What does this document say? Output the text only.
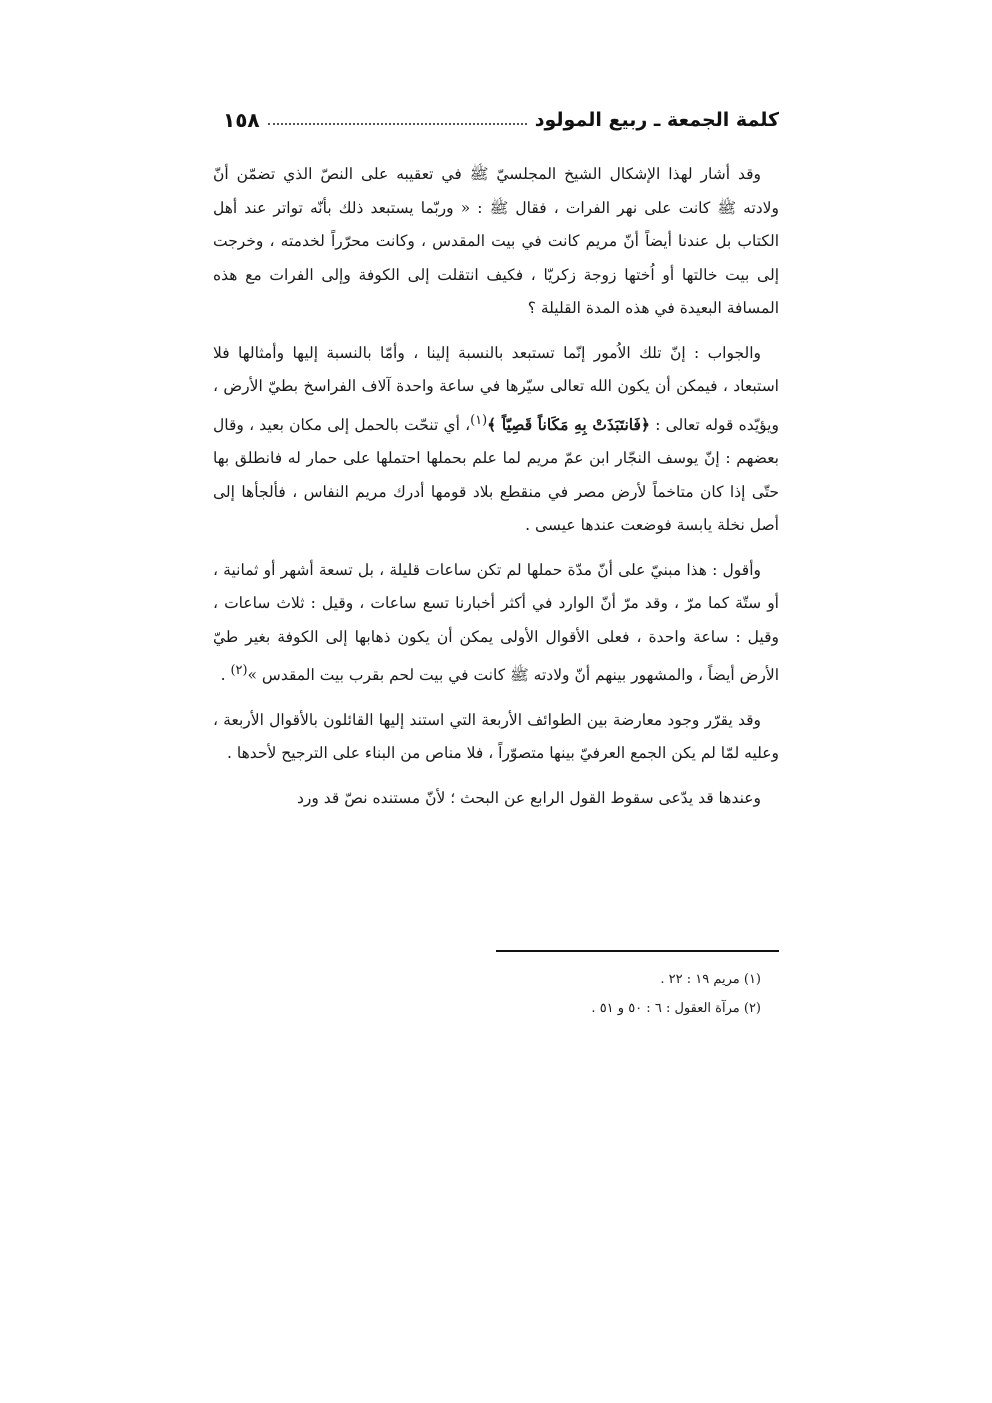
١٥٨	كلمة الجمعة ـ ربيع المولود

وقد أشار لهذا الإشكال الشيخ المجلسيّ ﷺ في تعقيبه على النصّ الذي تضمّن أنّ ولادته ﷺ كانت على نهر الفرات ، فقال ﷺ : « وربّما يستبعد ذلك بأنّه تواتر عند أهل الكتاب بل عندنا أيضاً أنّ مريم كانت في بيت المقدس ، وكانت محرّراً لخدمته ، وخرجت إلى بيت خالتها أو اُختها زوجة زكريّا ، فكيف انتقلت إلى الكوفة وإلى الفرات مع هذه المسافة البعيدة في هذه المدة القليلة ؟

والجواب : إنّ تلك الاُمور إنّما تستبعد بالنسبة إلينا ، وأمّا بالنسبة إليها وأمثالها فلا استبعاد ، فيمكن أن يكون الله تعالى سيّرها في ساعة واحدة آلاف الفراسخ بطيّ الأرض ، ويؤيّده قوله تعالى : ﴿فَانتَبَذَتْ بِهِ مَكَاناً قَصِيّاً ﴾$^{(١)}$، أي تنحّت بالحمل إلى مكان بعيد ، وقال بعضهم : إنّ يوسف النجّار ابن عمّ مريم لما علم بحملها احتملها على حمار له فانطلق بها حتّى إذا كان متاخماً لأرض مصر في منقطع بلاد قومها أدرك مريم النفاس ، فألجأها إلى أصل نخلة يابسة فوضعت عندها عيسى .

وأقول : هذا مبنيّ على أنّ مدّة حملها لم تكن ساعات قليلة ، بل تسعة أشهر أو ثمانية ، أو ستّة كما مرّ ، وقد مرّ أنّ الوارد في أكثر أخبارنا تسع ساعات ، وقيل : ثلاث ساعات ، وقيل : ساعة واحدة ، فعلى الأقوال الأولى يمكن أن يكون ذهابها إلى الكوفة بغير طيّ الأرض أيضاً ، والمشهور بينهم أنّ ولادته ﷺ كانت في بيت لحم بقرب بيت المقدس »$^{(٢)}$ .

وقد يقرّر وجود معارضة بين الطوائف الأربعة التي استند إليها القائلون بالأقوال الأربعة ، وعليه لمّا لم يكن الجمع العرفيّ بينها متصوّراً ، فلا مناص من البناء على الترجيح لأحدها .

وعندها قد يدّعى سقوط القول الرابع عن البحث ؛ لأنّ مستنده نصّ قد ورد

(١) مريم ١٩ : ٢٢ .
(٢) مرآة العقول : ٦ : ٥٠ و ٥١ .
